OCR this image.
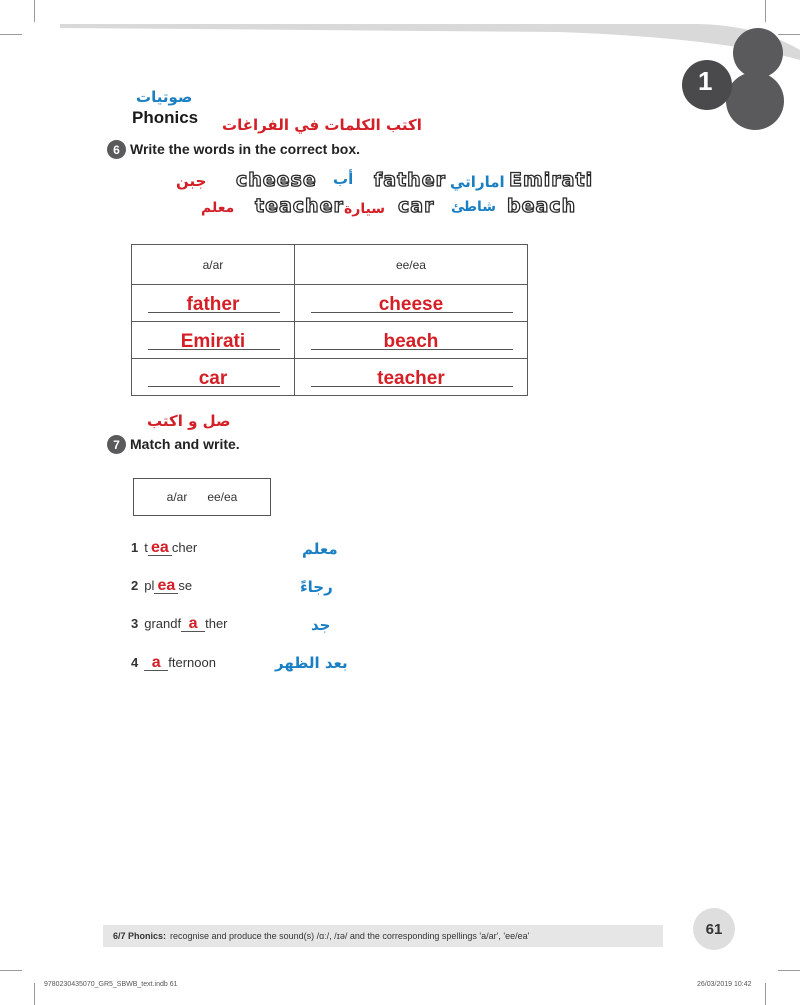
1
صوتيات
Phonics اكتب الكلمات في الفراغات
6 Write the words in the correct box.
جبن cheese أب father اماراتي Emirati
معلم teacher سيارة car شاطئ beach
a/ar	ee/ea

father	cheese

Emirati	beach

car	teacher
صل و اكتب
7 Match and write.
a/ar ee/ea
1 t ea cher	معلم
2 pl ea se	رجاءً
3 grandf a ther	جد
4 a fternoon	بعد الظهر
6/7 Phonics: recognise and produce the sound(s) /ɑː/, /ɪə/ and the corresponding spellings 'a/ar', 'ee/ea'	61
9780230435070_GR5_SBWB_text.indb 61	26/03/2019 10:42
